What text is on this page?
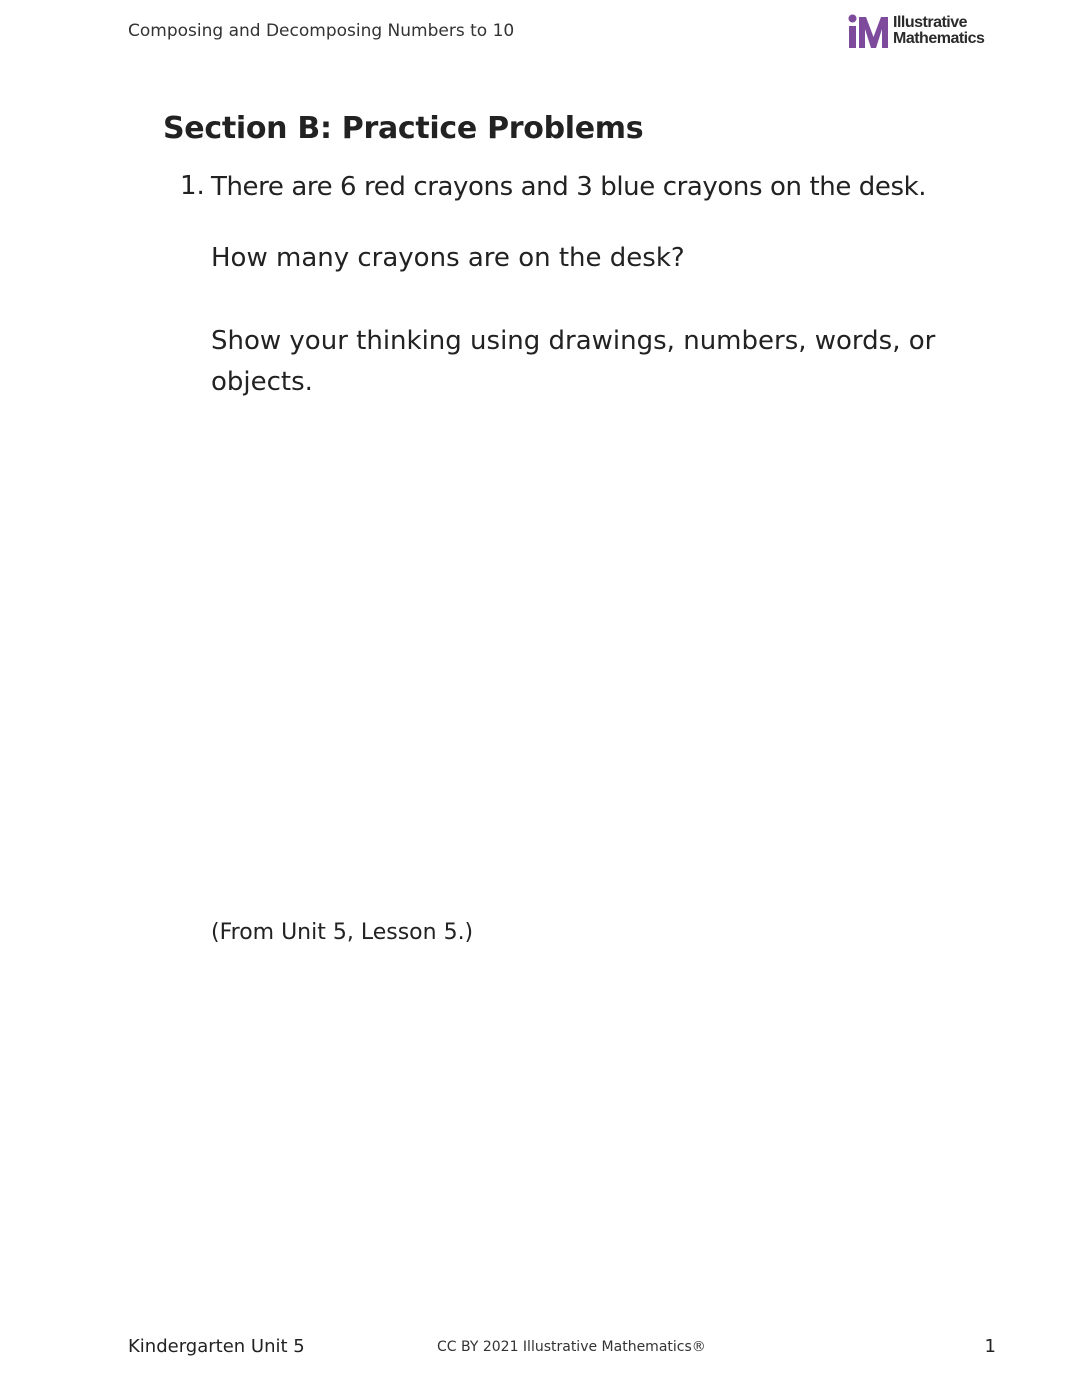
Composing and Decomposing Numbers to 10	Illustrative
Mathematics
Section B: Practice Problems
1. There are 6 red crayons and 3 blue crayons on the desk.

How many crayons are on the desk?

Show your thinking using drawings, numbers, words, or objects.

(From Unit 5, Lesson 5.)
Kindergarten Unit 5	CC BY 2021 Illustrative Mathematics®	1
